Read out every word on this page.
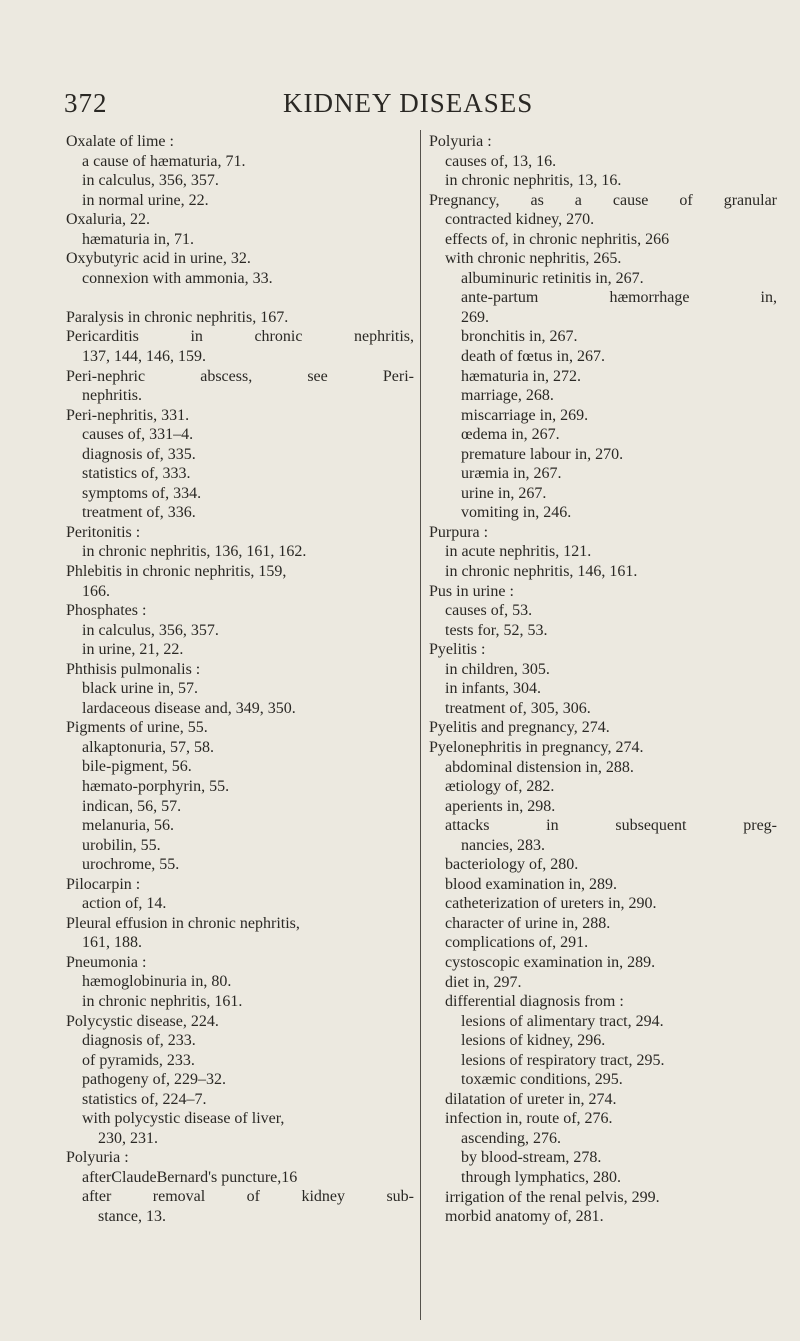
372	KIDNEY DISEASES
Oxalate of lime :
a cause of hæmaturia, 71.
in calculus, 356, 357.
in normal urine, 22.
Oxaluria, 22.
hæmaturia in, 71.
Oxybutyric acid in urine, 32.
connexion with ammonia, 33.
Paralysis in chronic nephritis, 167.
Pericarditis in chronic nephritis,
137, 144, 146, 159.
Peri-nephric abscess, see Peri-
nephritis.
Peri-nephritis, 331.
causes of, 331–4.
diagnosis of, 335.
statistics of, 333.
symptoms of, 334.
treatment of, 336.
Peritonitis :
in chronic nephritis, 136, 161, 162.
Phlebitis in chronic nephritis, 159,
166.
Phosphates :
in calculus, 356, 357.
in urine, 21, 22.
Phthisis pulmonalis :
black urine in, 57.
lardaceous disease and, 349, 350.
Pigments of urine, 55.
alkaptonuria, 57, 58.
bile-pigment, 56.
hæmato-porphyrin, 55.
indican, 56, 57.
melanuria, 56.
urobilin, 55.
urochrome, 55.
Pilocarpin :
action of, 14.
Pleural effusion in chronic nephritis,
161, 188.
Pneumonia :
hæmoglobinuria in, 80.
in chronic nephritis, 161.
Polycystic disease, 224.
diagnosis of, 233.
of pyramids, 233.
pathogeny of, 229–32.
statistics of, 224–7.
with polycystic disease of liver,
230, 231.
Polyuria :
afterClaudeBernard's puncture,16
after removal of kidney sub-
stance, 13.
Polyuria :
causes of, 13, 16.
in chronic nephritis, 13, 16.
Pregnancy, as a cause of granular
contracted kidney, 270.
effects of, in chronic nephritis, 266
with chronic nephritis, 265.
albuminuric retinitis in, 267.
ante-partum hæmorrhage in,
269.
bronchitis in, 267.
death of fœtus in, 267.
hæmaturia in, 272.
marriage, 268.
miscarriage in, 269.
œdema in, 267.
premature labour in, 270.
uræmia in, 267.
urine in, 267.
vomiting in, 246.
Purpura :
in acute nephritis, 121.
in chronic nephritis, 146, 161.
Pus in urine :
causes of, 53.
tests for, 52, 53.
Pyelitis :
in children, 305.
in infants, 304.
treatment of, 305, 306.
Pyelitis and pregnancy, 274.
Pyelonephritis in pregnancy, 274.
abdominal distension in, 288.
ætiology of, 282.
aperients in, 298.
attacks in subsequent preg-
nancies, 283.
bacteriology of, 280.
blood examination in, 289.
catheterization of ureters in, 290.
character of urine in, 288.
complications of, 291.
cystoscopic examination in, 289.
diet in, 297.
differential diagnosis from :
lesions of alimentary tract, 294.
lesions of kidney, 296.
lesions of respiratory tract, 295.
toxæmic conditions, 295.
dilatation of ureter in, 274.
infection in, route of, 276.
ascending, 276.
by blood-stream, 278.
through lymphatics, 280.
irrigation of the renal pelvis, 299.
morbid anatomy of, 281.
